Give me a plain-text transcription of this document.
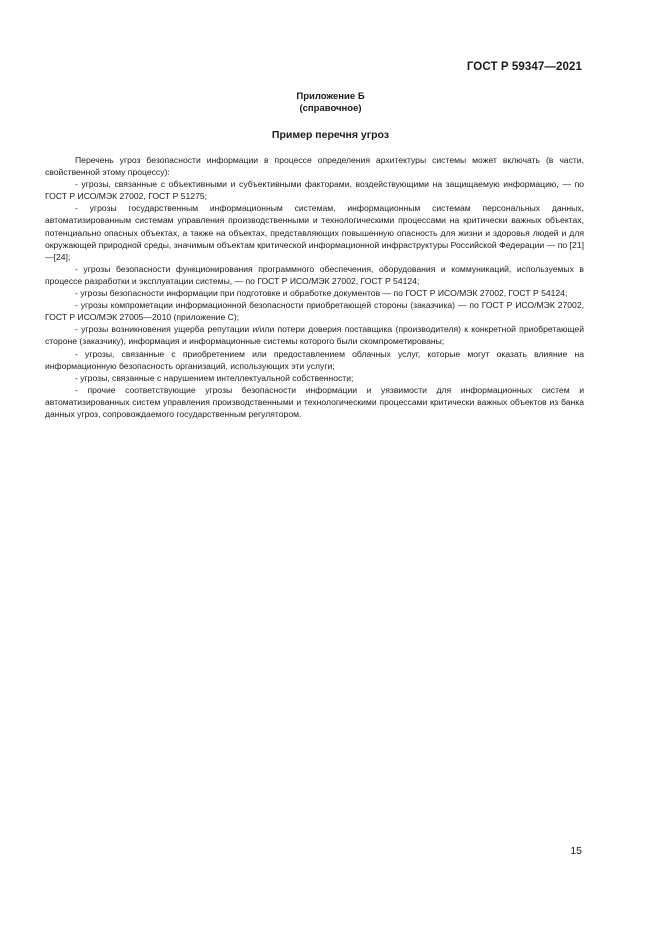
ГОСТ Р 59347—2021
Приложение Б
(справочное)
Пример перечня угроз

Перечень угроз безопасности информации в процессе определения архитектуры системы может включать (в части, свойственной этому процессу):

- угрозы, связанные с объективными и субъективными факторами, воздействующими на защищаемую информацию, — по ГОСТ Р ИСО/МЭК 27002, ГОСТ Р 51275;

- угрозы государственным информационным системам, информационным системам персональных данных, автоматизированным системам управления производственными и технологическими процессами на критически важных объектах, потенциально опасных объектах, а также на объектах, представляющих повышенную опасность для жизни и здоровья людей и для окружающей природной среды, значимым объектам критической информационной инфраструктуры Российской Федерации — по [21]—[24];

- угрозы безопасности функционирования программного обеспечения, оборудования и коммуникаций, используемых в процессе разработки и эксплуатации системы, — по ГОСТ Р ИСО/МЭК 27002, ГОСТ Р 54124;

- угрозы безопасности информации при подготовке и обработке документов — по ГОСТ Р ИСО/МЭК 27002, ГОСТ Р 54124;

- угрозы компрометации информационной безопасности приобретающей стороны (заказчика) — по ГОСТ Р ИСО/МЭК 27002, ГОСТ Р ИСО/МЭК 27005—2010 (приложение С);

- угрозы возникновения ущерба репутации и/или потери доверия поставщика (производителя) к конкретной приобретающей стороне (заказчику), информация и информационные системы которого были скомпрометированы;

- угрозы, связанные с приобретением или предоставлением облачных услуг, которые могут оказать влияние на информационную безопасность организаций, использующих эти услуги;

- угрозы, связанные с нарушением интеллектуальной собственности;

- прочие соответствующие угрозы безопасности информации и уязвимости для информационных систем и автоматизированных систем управления производственными и технологическими процессами критически важных объектов из банка данных угроз, сопровождаемого государственным регулятором.

15
